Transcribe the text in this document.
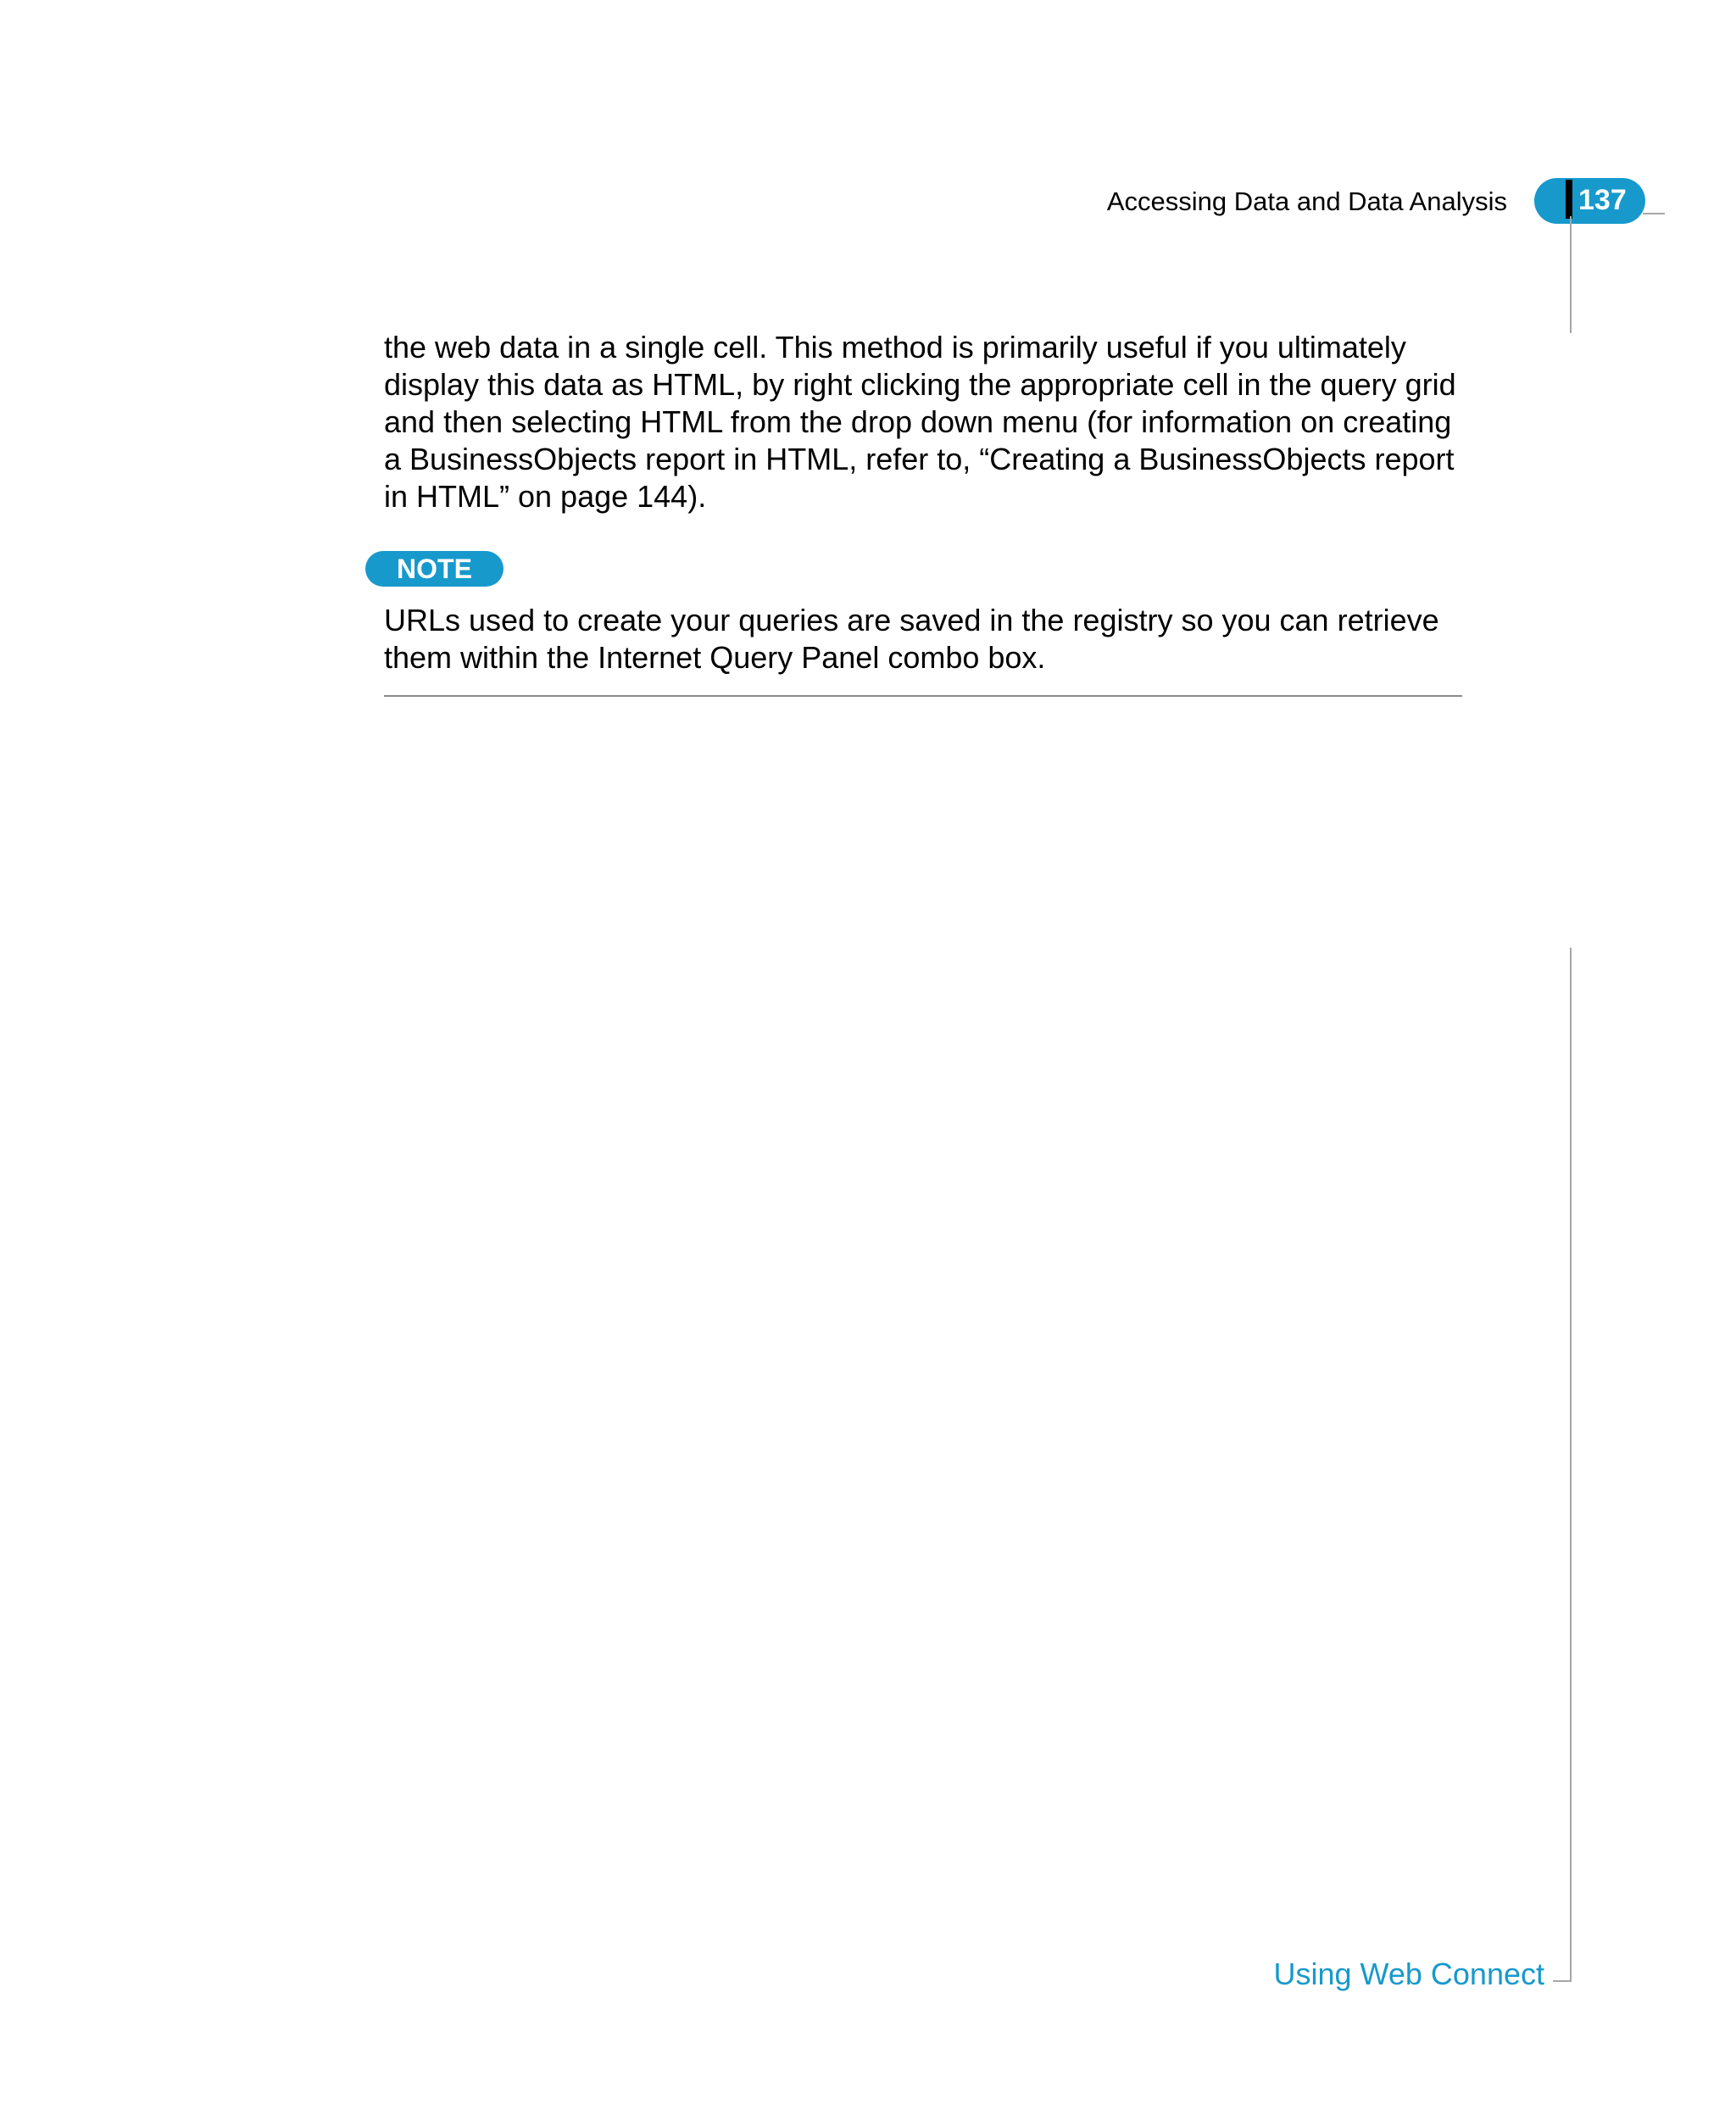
Accessing Data and Data Analysis 137

the web data in a single cell. This method is primarily useful if you ultimately display this data as HTML, by right clicking the appropriate cell in the query grid and then selecting HTML from the drop down menu (for information on creating a BusinessObjects report in HTML, refer to, “Creating a BusinessObjects report in HTML” on page 144).

NOTE

URLs used to create your queries are saved in the registry so you can retrieve them within the Internet Query Panel combo box.

Using Web Connect
